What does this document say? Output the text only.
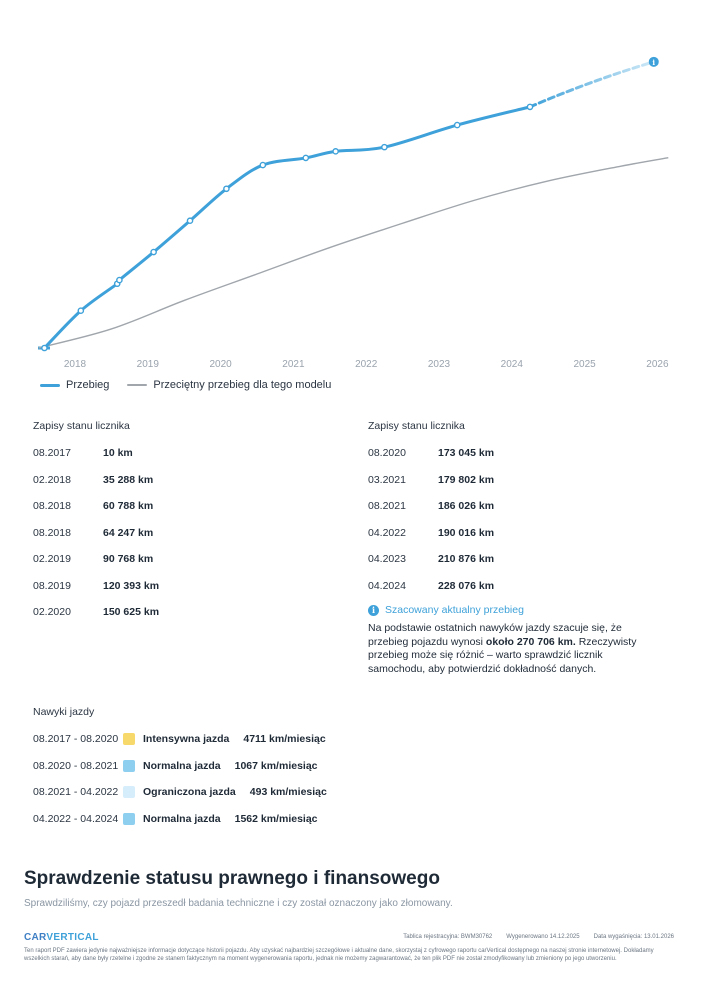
i
2018	2019	2020	2021	2022	2023	2024	2025	2026
Przebieg	Przeciętny przebieg dla tego modelu
Zapisy stanu licznika	Zapisy stanu licznika
08.2017	10 km
02.2018	35 288 km
08.2018	60 788 km
08.2018	64 247 km
02.2019	90 768 km
08.2019	120 393 km
02.2020	150 625 km
08.2020	173 045 km
03.2021	179 802 km
08.2021	186 026 km
04.2022	190 016 km
04.2023	210 876 km
04.2024	228 076 km
i Szacowany aktualny przebieg
Na podstawie ostatnich nawyków jazdy szacuje się, że przebieg pojazdu wynosi około 270 706 km. Rzeczywisty przebieg może się różnić – warto sprawdzić licznik samochodu, aby potwierdzić dokładność danych.
Nawyki jazdy
08.2017 - 08.2020	Intensywna jazda 4711 km/miesiąc
08.2020 - 08.2021	Normalna jazda 1067 km/miesiąc
08.2021 - 04.2022	Ograniczona jazda 493 km/miesiąc
04.2022 - 04.2024	Normalna jazda 1562 km/miesiąc
Sprawdzenie statusu prawnego i finansowego
Sprawdziliśmy, czy pojazd przeszedł badania techniczne i czy został oznaczony jako złomowany.
CARVERTICAL	Tablica rejestracyjna: BWM30762 Wygenerowano 14.12.2025 Data wygaśnięcia: 13.01.2026
Ten raport PDF zawiera jedynie najważniejsze informacje dotyczące historii pojazdu. Aby uzyskać najbardziej szczegółowe i aktualne dane, skorzystaj z cyfrowego raportu carVertical dostępnego na naszej stronie internetowej. Dokładamy wszelkich starań, aby dane były rzetelne i zgodne ze stanem faktycznym na moment wygenerowania raportu, jednak nie możemy zagwarantować, że ten plik PDF nie został zmodyfikowany lub zmieniony po jego utworzeniu.
